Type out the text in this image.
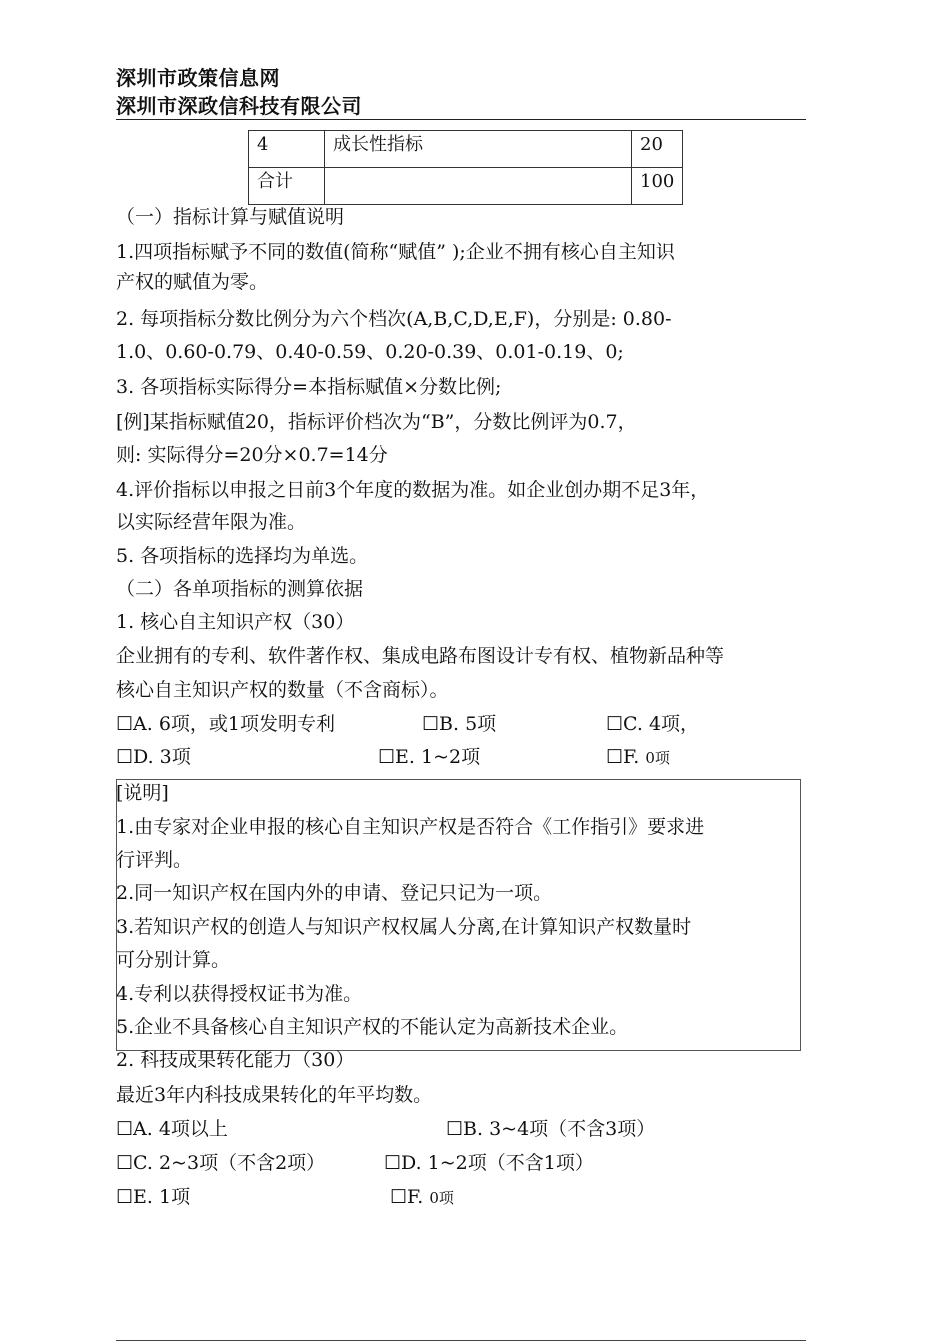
深圳市政策信息网
深圳市深政信科技有限公司
4	成长性指标	20
合计		100
（一）指标计算与赋值说明
1.四项指标赋予不同的数值(简称“赋值” );企业不拥有核心自主知识
产权的赋值为零。
2. 每项指标分数比例分为六个档次(A,B,C,D,E,F)，分别是: 0.80-
1.0、0.60-0.79、0.40-0.59、0.20-0.39、0.01-0.19、0;
3. 各项指标实际得分=本指标赋值×分数比例;
[例]某指标赋值20，指标评价档次为“B”，分数比例评为0.7，
则: 实际得分=20分×0.7=14分
4.评价指标以申报之日前3个年度的数据为准。如企业创办期不足3年，
以实际经营年限为准。
5. 各项指标的选择均为单选。
（二）各单项指标的测算依据
1. 核心自主知识产权（30）
企业拥有的专利、软件著作权、集成电路布图设计专有权、植物新品种等
核心自主知识产权的数量（不含商标）。
☐A. 6项，或1项发明专利	☐B. 5项	☐C. 4项，
☐D. 3项	☐E. 1~2项	☐F. 0项
[说明]
1.由专家对企业申报的核心自主知识产权是否符合《工作指引》要求进
行评判。
2.同一知识产权在国内外的申请、登记只记为一项。
3.若知识产权的创造人与知识产权权属人分离,在计算知识产权数量时
可分别计算。
4.专利以获得授权证书为准。
5.企业不具备核心自主知识产权的不能认定为高新技术企业。
2. 科技成果转化能力（30）
最近3年内科技成果转化的年平均数。
☐A. 4项以上	☐B. 3~4项（不含3项）
☐C. 2~3项（不含2项）	☐D. 1~2项（不含1项）
☐E. 1项	☐F. 0项
